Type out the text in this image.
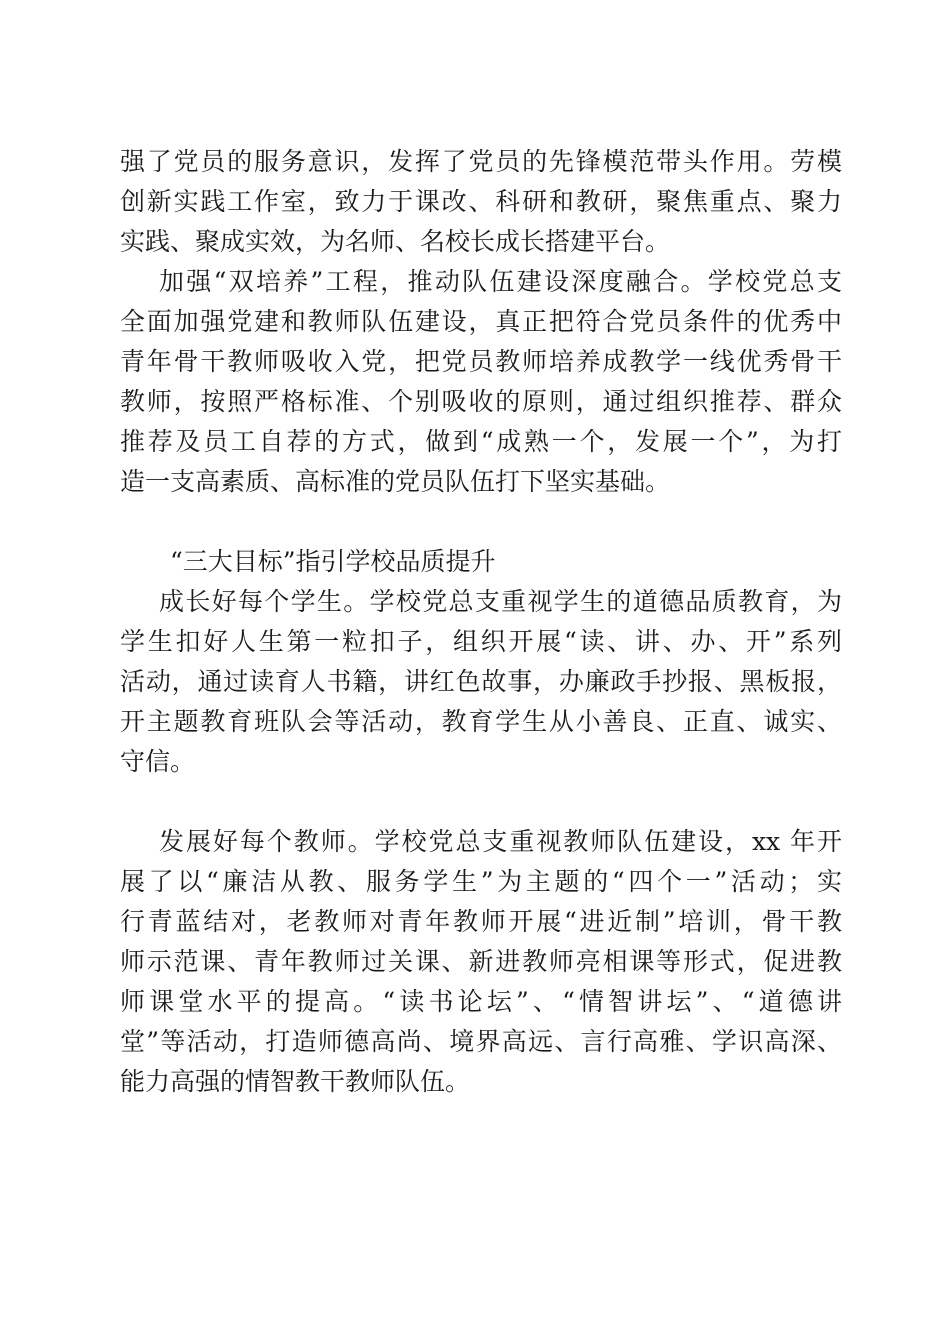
强了党员的服务意识，发挥了党员的先锋模范带头作用。劳模
创新实践工作室，致力于课改、科研和教研，聚焦重点、聚力
实践、聚成实效，为名师、名校长成长搭建平台。
加强“双培养”工程，推动队伍建设深度融合。学校党总支
全面加强党建和教师队伍建设，真正把符合党员条件的优秀中
青年骨干教师吸收入党，把党员教师培养成教学一线优秀骨干
教师，按照严格标准、个别吸收的原则，通过组织推荐、群众
推荐及员工自荐的方式，做到“成熟一个，发展一个”，为打
造一支高素质、高标准的党员队伍打下坚实基础。
“三大目标”指引学校品质提升
成长好每个学生。学校党总支重视学生的道德品质教育，为
学生扣好人生第一粒扣子，组织开展“读、讲、办、开”系列
活动，通过读育人书籍，讲红色故事，办廉政手抄报、黑板报，
开主题教育班队会等活动，教育学生从小善良、正直、诚实、
守信。
发展好每个教师。学校党总支重视教师队伍建设，xx 年开
展了以“廉洁从教、服务学生”为主题的“四个一”活动；实
行青蓝结对，老教师对青年教师开展“进近制”培训，骨干教
师示范课、青年教师过关课、新进教师亮相课等形式，促进教
师课堂水平的提高。“读书论坛”、“情智讲坛”、“道德讲
堂”等活动，打造师德高尚、境界高远、言行高雅、学识高深、
能力高强的情智教干教师队伍。
